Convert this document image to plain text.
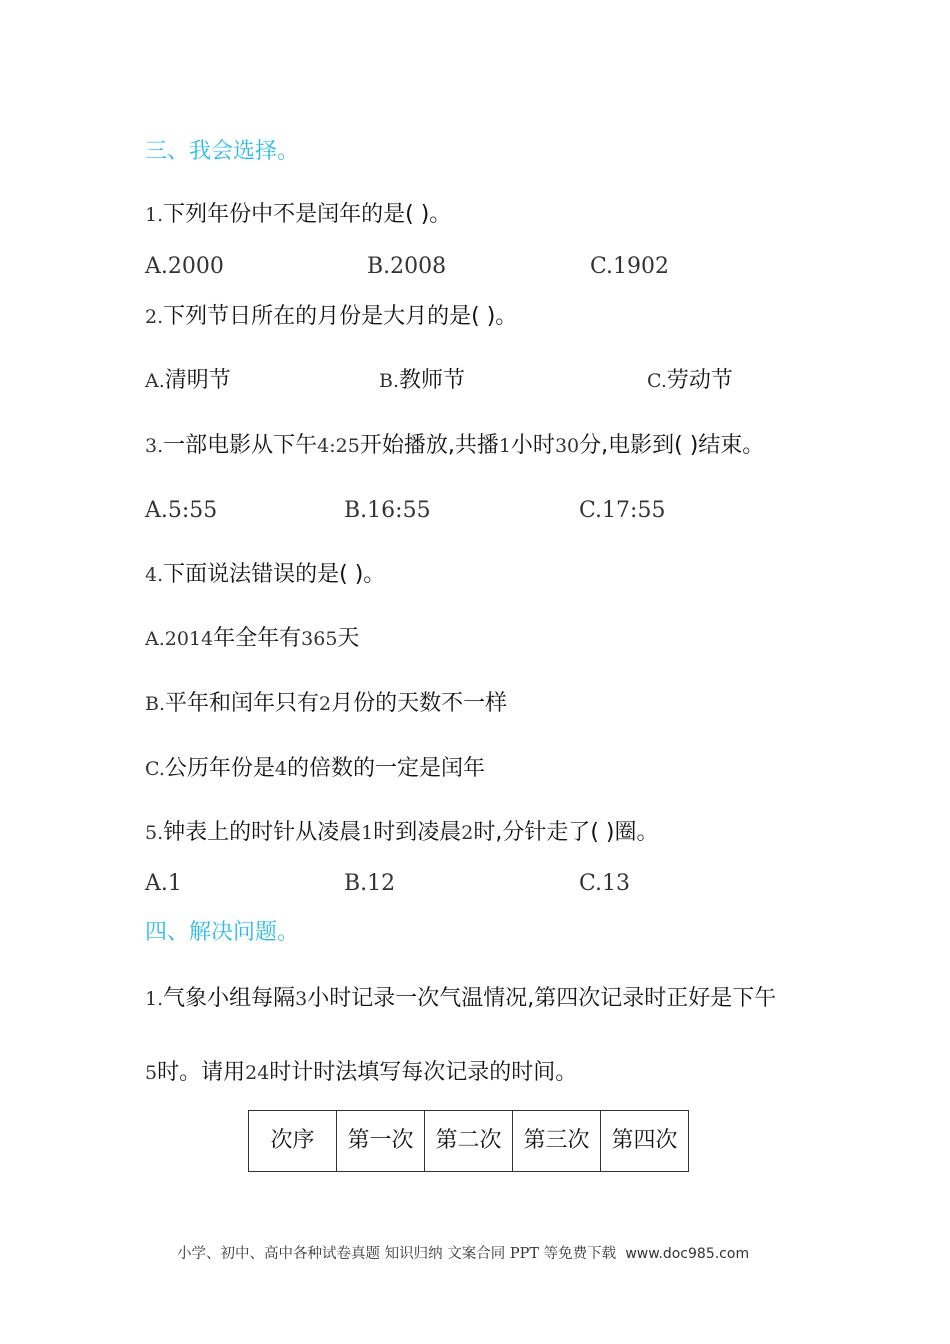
三、我会选择。
1.下列年份中不是闰年的是( )。
A.2000	B.2008	C.1902
2.下列节日所在的月份是大月的是( )。
A.清明节	B.教师节	C.劳动节
3.一部电影从下午4:25开始播放,共播1小时30分,电影到( )结束。
A.5:55	B.16:55	C.17:55
4.下面说法错误的是( )。
A.2014年全年有365天
B.平年和闰年只有2月份的天数不一样
C.公历年份是4的倍数的一定是闰年
5.钟表上的时针从凌晨1时到凌晨2时,分针走了( )圈。
A.1	B.12	C.13
四、解决问题。
1.气象小组每隔3小时记录一次气温情况,第四次记录时正好是下午
5时。请用24时计时法填写每次记录的时间。
次序	第一次	第二次	第三次	第四次
小学、初中、高中各种试卷真题 知识归纳 文案合同 PPT 等免费下载 www.doc985.com
